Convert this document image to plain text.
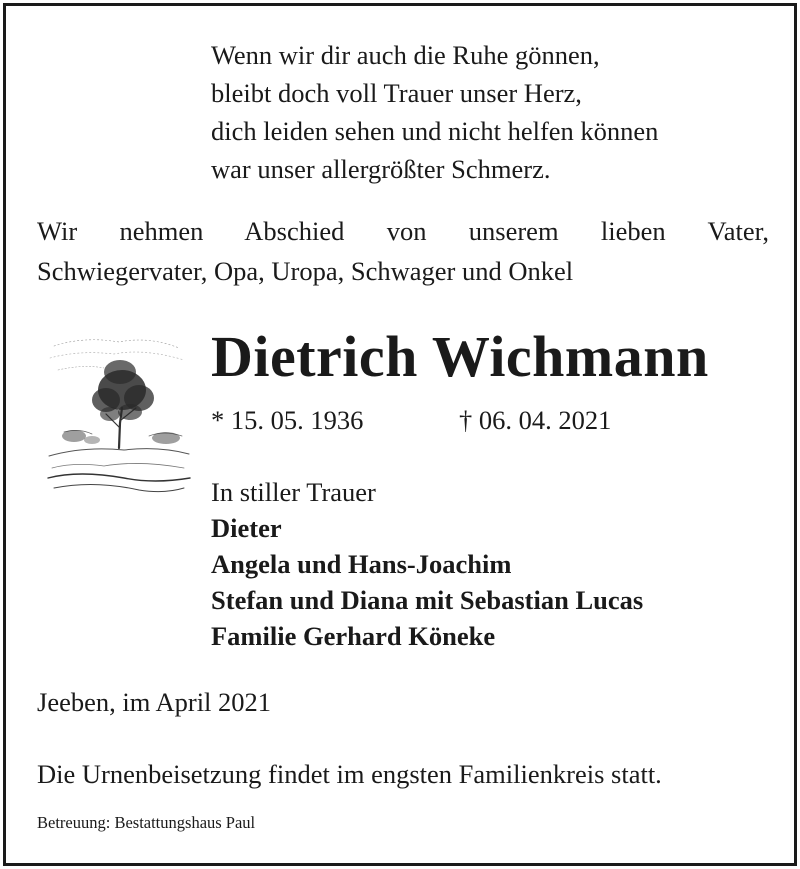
Wenn wir dir auch die Ruhe gönnen,
bleibt doch voll Trauer unser Herz,
dich leiden sehen und nicht helfen können
war unser allergrößter Schmerz.
Wir nehmen Abschied von unserem lieben Vater,
Schwiegervater, Opa, Uropa, Schwager und Onkel
Dietrich Wichmann
* 15. 05. 1936	† 06. 04. 2021
In stiller Trauer
Dieter
Angela und Hans-Joachim
Stefan und Diana mit Sebastian Lucas
Familie Gerhard Köneke
Jeeben, im April 2021
Die Urnenbeisetzung findet im engsten Familienkreis statt.
Betreuung: Bestattungshaus Paul
